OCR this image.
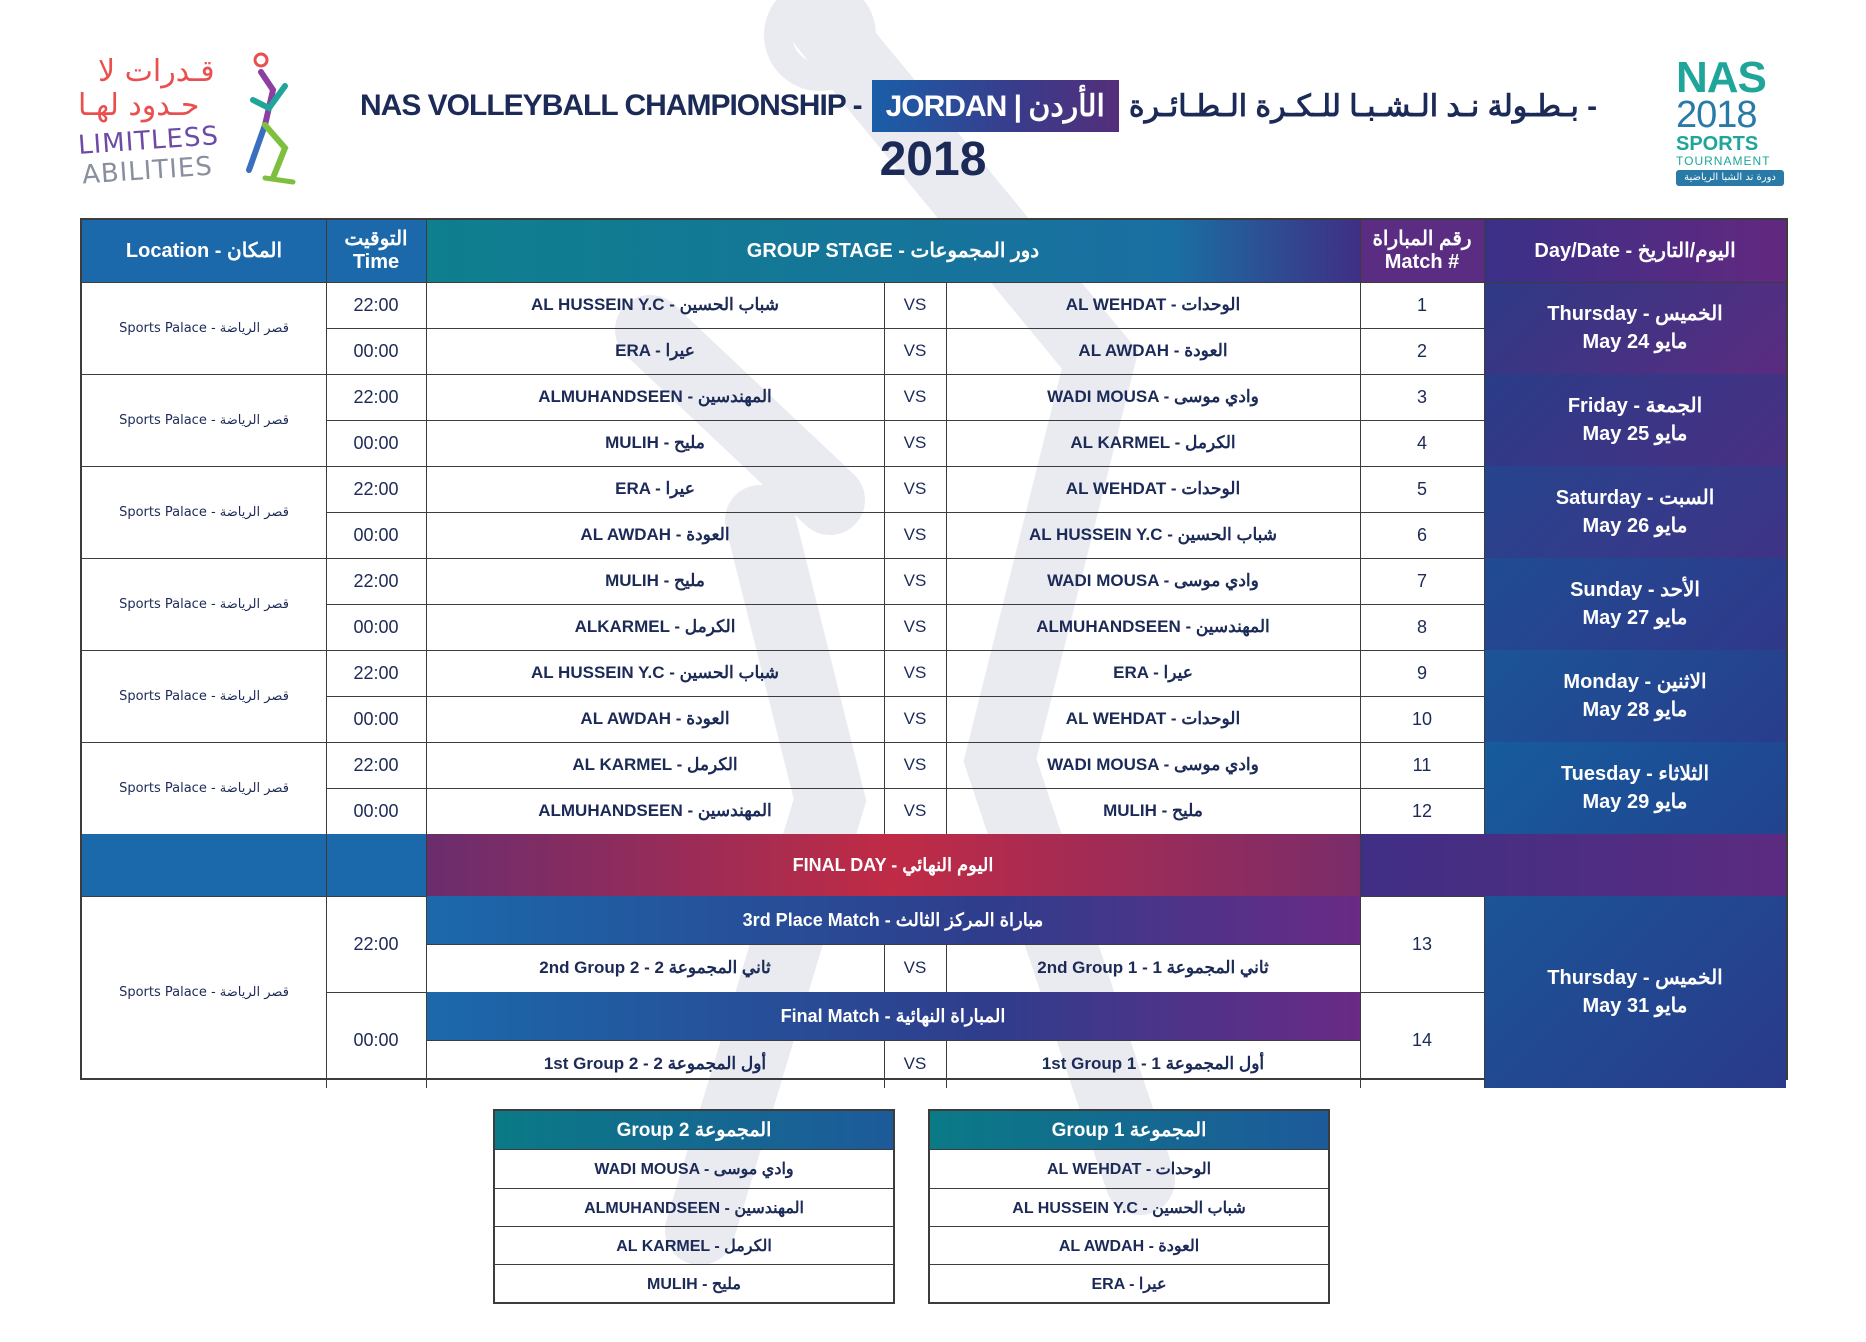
قـدرات لا
حـدود لهـا
LIMITLESS
ABILITIES
NAS VOLLEYBALL CHAMPIONSHIP - JORDAN | الأردن - بـطـولة نـد الـشـبـا للـكـرة الـطـائـرة
2018
NAS
2018
SPORTS
TOURNAMENT
دورة ند الشبا الرياضية
Location - المكان
التوقيت
Time
GROUP STAGE - دور المجموعات
رقم المباراة
Match #
Day/Date - اليوم/التاريخ
Sports Palace - قصر الرياضة
Thursday - الخميس
May 24 مايو
22:00	AL HUSSEIN Y.C - شباب الحسين	VS	AL WEHDAT - الوحدات	1
00:00	ERA - عيرا	VS	AL AWDAH - العودة	2
Sports Palace - قصر الرياضة
Friday - الجمعة
May 25 مايو
22:00	ALMUHANDSEEN - المهندسين	VS	WADI MOUSA - وادي موسى	3
00:00	MULIH - مليح	VS	AL KARMEL - الكرمل	4
Sports Palace - قصر الرياضة
Saturday - السبت
May 26 مايو
22:00	ERA - عيرا	VS	AL WEHDAT - الوحدات	5
00:00	AL AWDAH - العودة	VS	AL HUSSEIN Y.C - شباب الحسين	6
Sports Palace - قصر الرياضة
Sunday - الأحد
May 27 مايو
22:00	MULIH - مليح	VS	WADI MOUSA - وادي موسى	7
00:00	ALKARMEL - الكرمل	VS	ALMUHANDSEEN - المهندسين	8
Sports Palace - قصر الرياضة
Monday - الاثنين
May 28 مايو
22:00	AL HUSSEIN Y.C - شباب الحسين	VS	ERA - عيرا	9
00:00	AL AWDAH - العودة	VS	AL WEHDAT - الوحدات	10
Sports Palace - قصر الرياضة
Tuesday - الثلاثاء
May 29 مايو
22:00	AL KARMEL - الكرمل	VS	WADI MOUSA - وادي موسى	11
00:00	ALMUHANDSEEN - المهندسين	VS	MULIH - مليح	12
FINAL DAY - اليوم النهائي
Sports Palace - قصر الرياضة
Thursday - الخميس
May 31 مايو
22:00
3rd Place Match - مباراة المركز الثالث
2nd Group 2 - 2 ثاني المجموعة	VS	2nd Group 1 - 1 ثاني المجموعة
13
00:00
Final Match - المباراة النهائية
1st Group 2 - 2 أول المجموعة	VS	1st Group 1 - 1 أول المجموعة
14
Group 2 المجموعة
WADI MOUSA - وادي موسى
ALMUHANDSEEN - المهندسين
AL KARMEL - الكرمل
MULIH - مليح
Group 1 المجموعة
AL WEHDAT - الوحدات
AL HUSSEIN Y.C - شباب الحسين
AL AWDAH - العودة
ERA - عيرا
